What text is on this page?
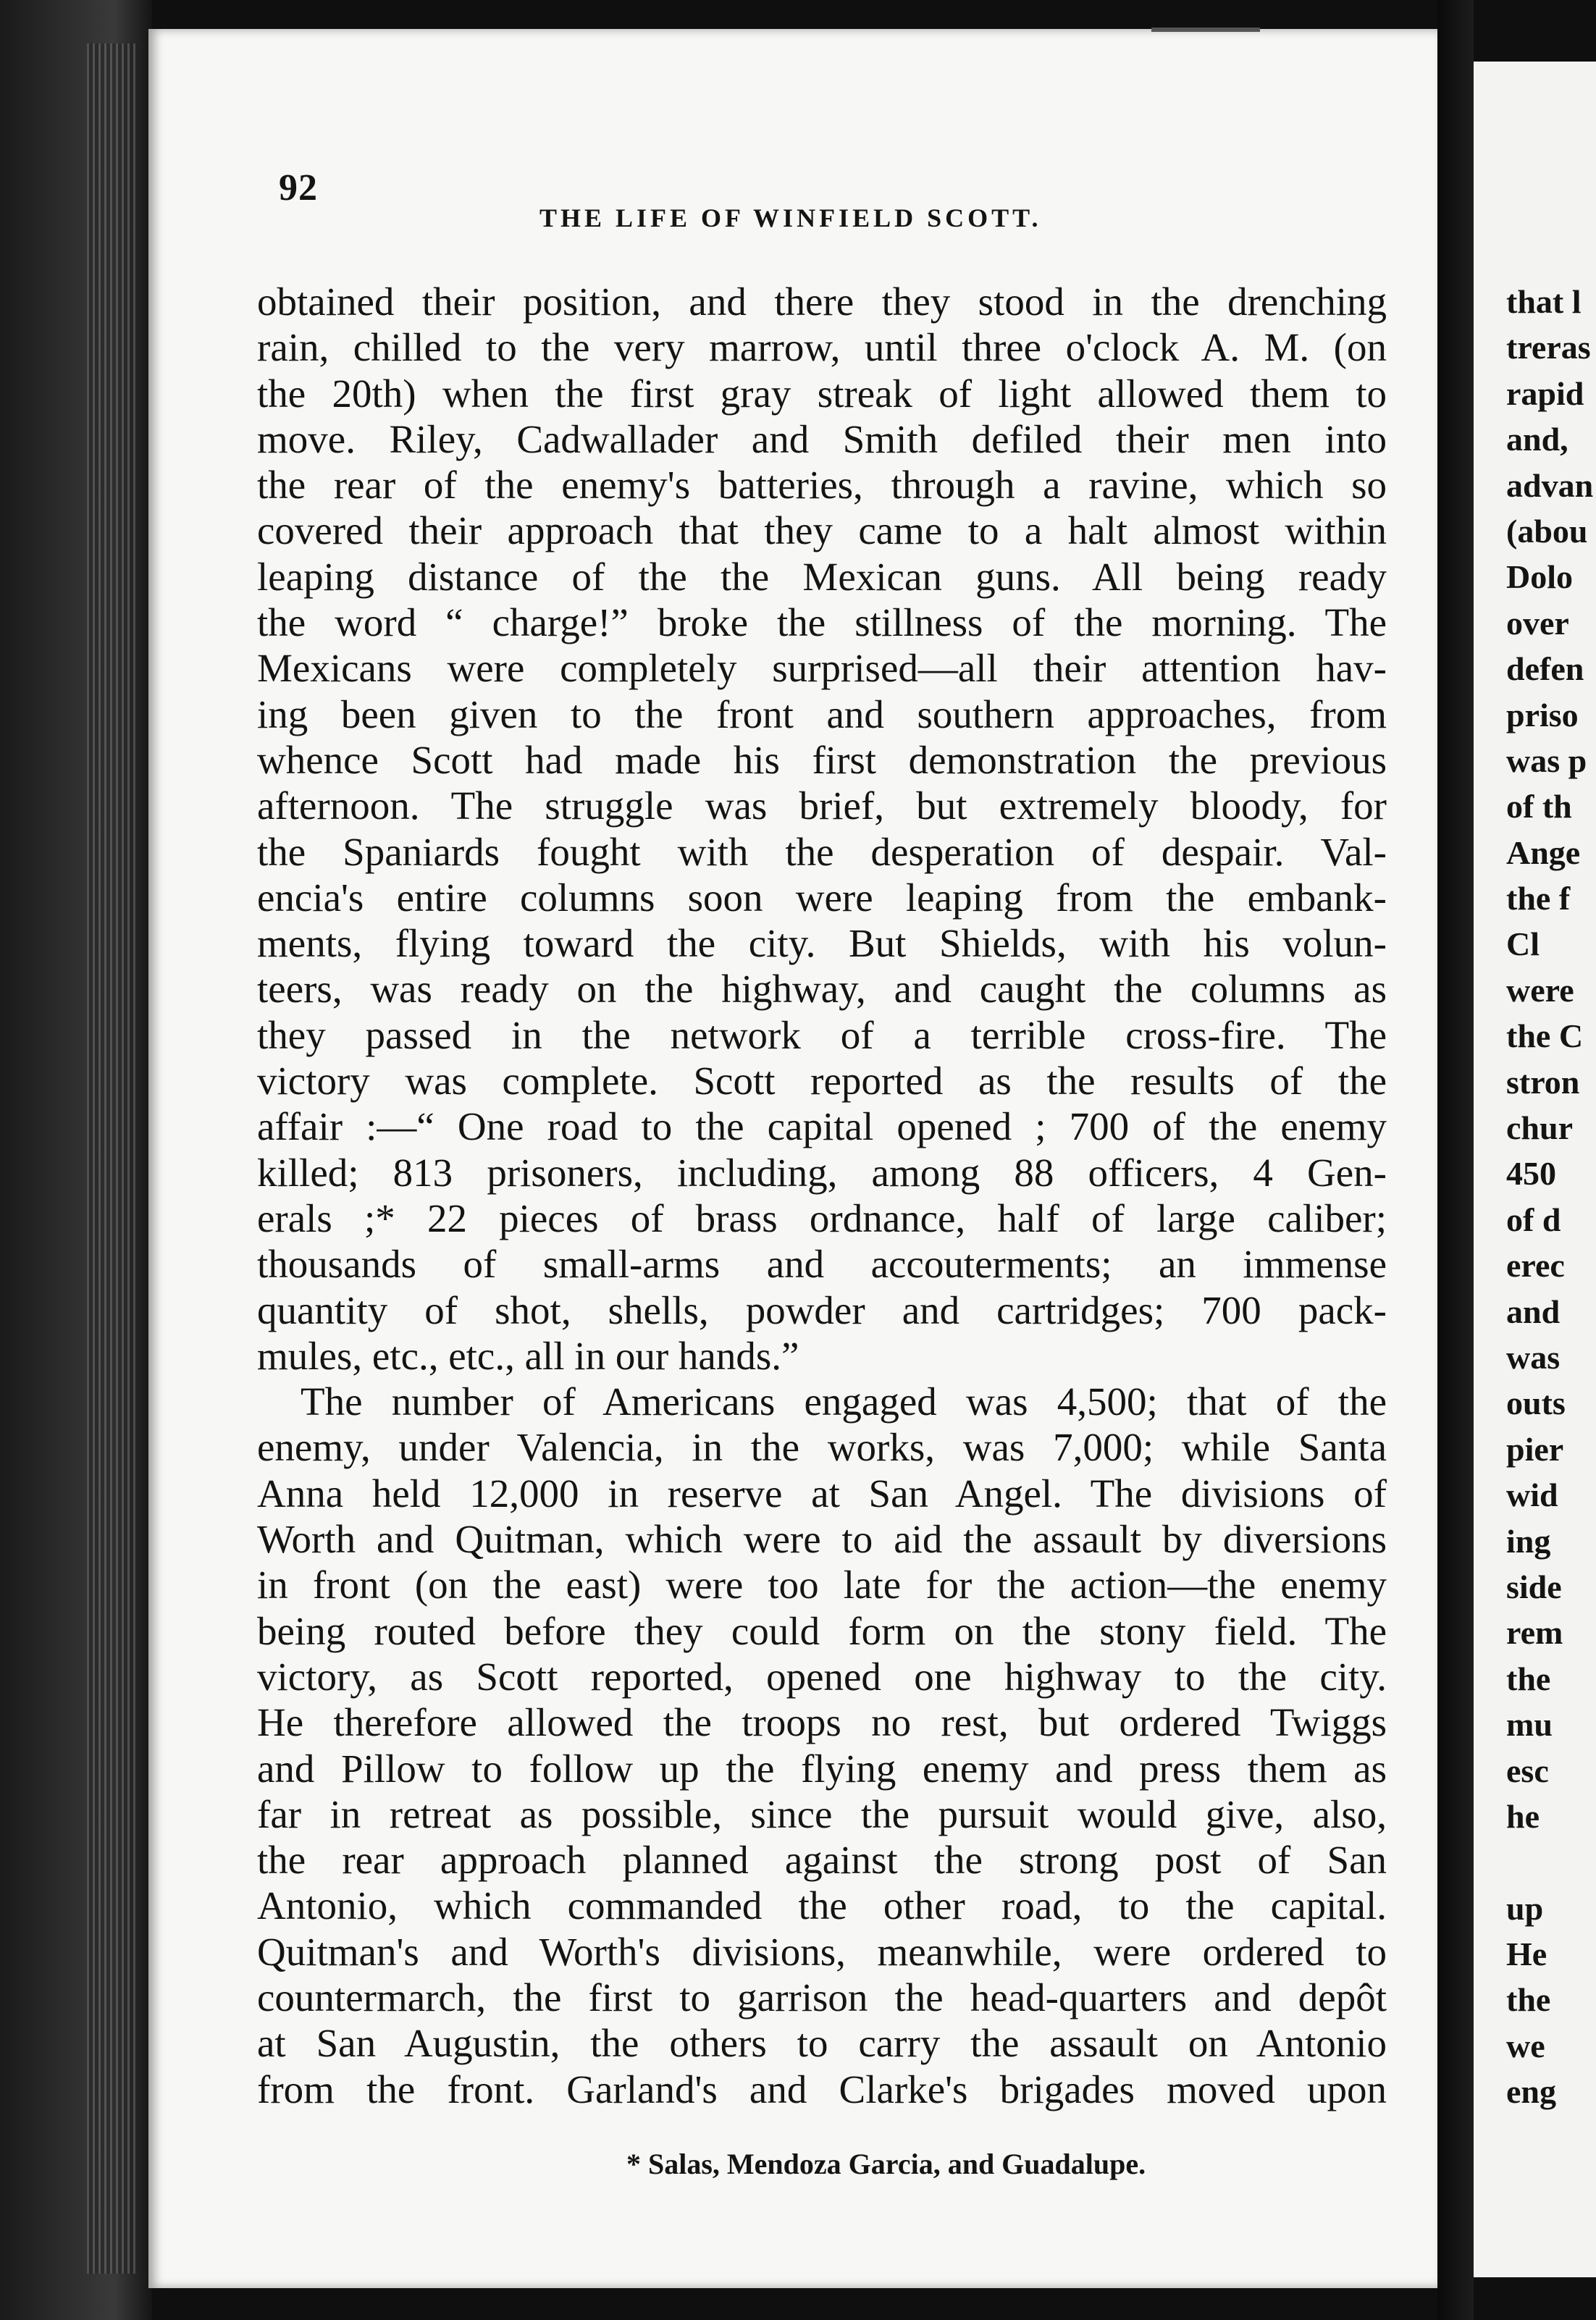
92
THE LIFE OF WINFIELD SCOTT.
obtained their position, and there they stood in the drenching
rain, chilled to the very marrow, until three o'clock A. M. (on
the 20th) when the first gray streak of light allowed them to
move. Riley, Cadwallader and Smith defiled their men into
the rear of the enemy's batteries, through a ravine, which so
covered their approach that they came to a halt almost within
leaping distance of the the Mexican guns. All being ready
the word “ charge!” broke the stillness of the morning. The
Mexicans were completely surprised—all their attention hav-
ing been given to the front and southern approaches, from
whence Scott had made his first demonstration the previous
afternoon. The struggle was brief, but extremely bloody, for
the Spaniards fought with the desperation of despair. Val-
encia's entire columns soon were leaping from the embank-
ments, flying toward the city. But Shields, with his volun-
teers, was ready on the highway, and caught the columns as
they passed in the network of a terrible cross-fire. The
victory was complete. Scott reported as the results of the
affair :—“ One road to the capital opened ; 700 of the enemy
killed; 813 prisoners, including, among 88 officers, 4 Gen-
erals ;* 22 pieces of brass ordnance, half of large caliber;
thousands of small-arms and accouterments; an immense
quantity of shot, shells, powder and cartridges; 700 pack-
mules, etc., etc., all in our hands.”
The number of Americans engaged was 4,500; that of the
enemy, under Valencia, in the works, was 7,000; while Santa
Anna held 12,000 in reserve at San Angel. The divisions of
Worth and Quitman, which were to aid the assault by diversions
in front (on the east) were too late for the action—the enemy
being routed before they could form on the stony field. The
victory, as Scott reported, opened one highway to the city.
He therefore allowed the troops no rest, but ordered Twiggs
and Pillow to follow up the flying enemy and press them as
far in retreat as possible, since the pursuit would give, also,
the rear approach planned against the strong post of San
Antonio, which commanded the other road, to the capital.
Quitman's and Worth's divisions, meanwhile, were ordered to
countermarch, the first to garrison the head-quarters and depôt
at San Augustin, the others to carry the assault on Antonio
from the front. Garland's and Clarke's brigades moved upon
* Salas, Mendoza Garcia, and Guadalupe.
that l
treras
rapid
and,
advan
(abou
Dolo
over
defen
priso
was p
of th
Ange
the f
Cl
were
the C
stron
chur
450
of d
erec
and
was
outs
pier
wid
ing
side
rem
the
mu
esc
he
up
He
the
we
eng
